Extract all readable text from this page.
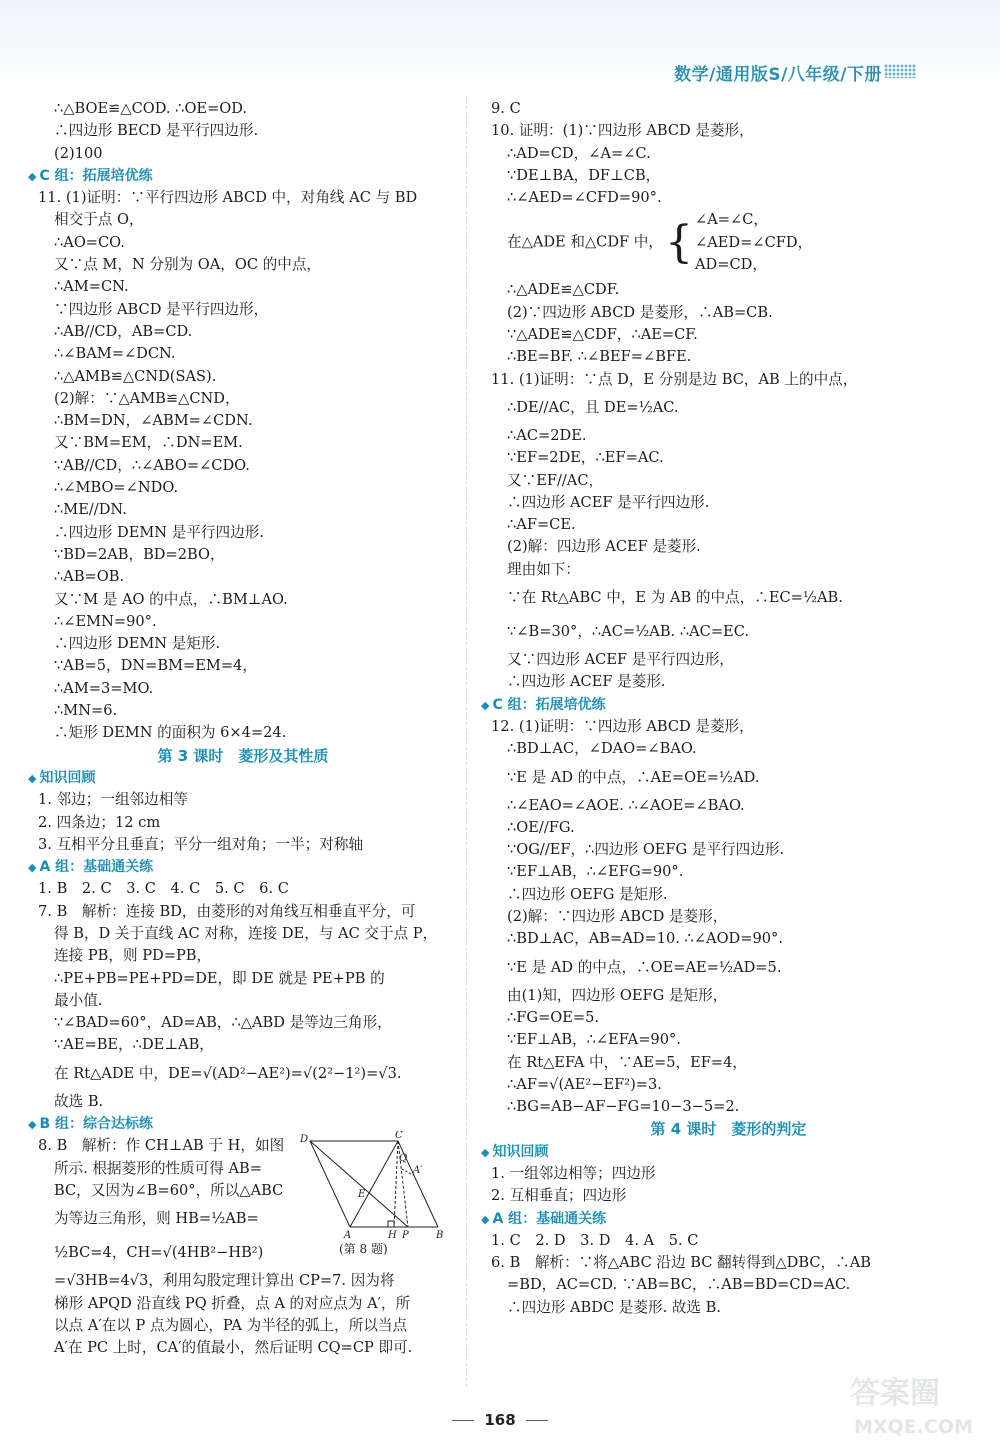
数学/通用版S/八年级/下册
∴△BOE≌△COD. ∴OE=OD.
∴四边形 BECD 是平行四边形.
(2)100
◆ C 组：拓展培优练
11. (1)证明：∵平行四边形 ABCD 中，对角线 AC 与 BD
相交于点 O，
∴AO=CO.
又∵点 M，N 分别为 OA，OC 的中点，
∴AM=CN.
∵四边形 ABCD 是平行四边形，
∴AB//CD，AB=CD.
∴∠BAM=∠DCN.
∴△AMB≌△CND(SAS).
(2)解：∵△AMB≌△CND，
∴BM=DN，∠ABM=∠CDN.
又∵BM=EM，∴DN=EM.
∵AB//CD，∴∠ABO=∠CDO.
∴∠MBO=∠NDO.
∴ME//DN.
∴四边形 DEMN 是平行四边形.
∵BD=2AB，BD=2BO，
∴AB=OB.
又∵M 是 AO 的中点，∴BM⊥AO.
∴∠EMN=90°.
∴四边形 DEMN 是矩形.
∵AB=5，DN=BM=EM=4，
∴AM=3=MO.
∴MN=6.
∴矩形 DEMN 的面积为 6×4=24.
第 3 课时　菱形及其性质
◆ 知识回顾
1. 邻边；一组邻边相等
2. 四条边；12 cm
3. 互相平分且垂直；平分一组对角；一半；对称轴
◆ A 组：基础通关练
1. B　2. C　3. C　4. C　5. C　6. C
7. B　解析：连接 BD，由菱形的对角线互相垂直平分，可
得 B，D 关于直线 AC 对称，连接 DE，与 AC 交于点 P，
连接 PB，则 PD=PB，
∴PE+PB=PE+PD=DE，即 DE 就是 PE+PB 的
最小值.
∵∠BAD=60°，AD=AB，∴△ABD 是等边三角形，
∵AE=BE，∴DE⊥AB，
在 Rt△ADE 中，DE=√(AD²−AE²)=√(2²−1²)=√3.
故选 B.
◆ B 组：综合达标练
8. B　解析：作 CH⊥AB 于 H，如图
所示. 根据菱形的性质可得 AB=
BC，又因为∠B=60°，所以△ABC
为等边三角形，则 HB=½AB=
½BC=4，CH=√(4HB²−HB²)
=√3HB=4√3，利用勾股定理计算出 CP=7. 因为将
梯形 APQD 沿直线 PQ 折叠，点 A 的对应点为 A′，所
以点 A′在以 P 点为圆心，PA 为半径的弧上，所以当点
A′在 PC 上时，CA′的值最小，然后证明 CQ=CP 即可.
9. C
10. 证明：(1)∵四边形 ABCD 是菱形，
∴AD=CD，∠A=∠C.
∵DE⊥BA，DF⊥CB，
∴∠AED=∠CFD=90°.
在△ADE 和△CDF 中，{ ∠A=∠C，
∠AED=∠CFD，
AD=CD，
∴△ADE≌△CDF.
(2)∵四边形 ABCD 是菱形，∴AB=CB.
∵△ADE≌△CDF，∴AE=CF.
∴BE=BF. ∴∠BEF=∠BFE.
11. (1)证明：∵点 D，E 分别是边 BC，AB 上的中点，
∴DE//AC，且 DE=½AC.
∴AC=2DE.
∵EF=2DE，∴EF=AC.
又∵EF//AC，
∴四边形 ACEF 是平行四边形.
∴AF=CE.
(2)解：四边形 ACEF 是菱形.
理由如下：
∵在 Rt△ABC 中，E 为 AB 的中点，∴EC=½AB.
∵∠B=30°，∴AC=½AB. ∴AC=EC.
又∵四边形 ACEF 是平行四边形，
∴四边形 ACEF 是菱形.
◆ C 组：拓展培优练
12. (1)证明：∵四边形 ABCD 是菱形，
∴BD⊥AC，∠DAO=∠BAO.
∵E 是 AD 的中点，∴AE=OE=½AD.
∴∠EAO=∠AOE. ∴∠AOE=∠BAO.
∴OE//FG.
∵OG//EF，∴四边形 OEFG 是平行四边形.
∵EF⊥AB，∴∠EFG=90°.
∴四边形 OEFG 是矩形.
(2)解：∵四边形 ABCD 是菱形，
∴BD⊥AC，AB=AD=10. ∴∠AOD=90°.
∵E 是 AD 的中点，∴OE=AE=½AD=5.
由(1)知，四边形 OEFG 是矩形，
∴FG=OE=5.
∵EF⊥AB，∴∠EFA=90°.
在 Rt△EFA 中，∵AE=5，EF=4，
∴AF=√(AE²−EF²)=3.
∴BG=AB−AF−FG=10−3−5=2.
第 4 课时　菱形的判定
◆ 知识回顾
1. 一组邻边相等；四边形
2. 互相垂直；四边形
◆ A 组：基础通关练
1. C　2. D　3. D　4. A　5. C
6. B　解析：∵将△ABC 沿边 BC 翻转得到△DBC，∴AB
=BD，AC=CD. ∵AB=BC，∴AB=BD=CD=AC.
∴四边形 ABDC 是菱形. 故选 B.
D	C
Q
A′
E
A	H P	B
(第 8 题)
168
答案圈
MXQE.COM
